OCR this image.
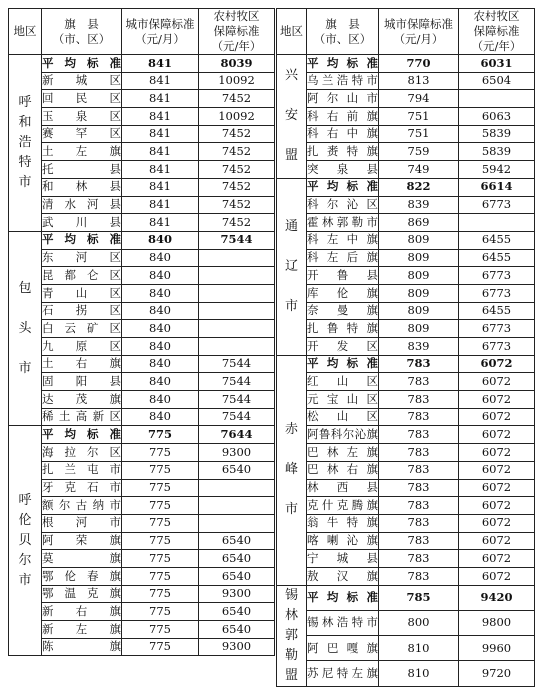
地区	旗　县
（市、区）	城市保障标准
（元/月）	农村牧区
保障标准
（元/年）
呼
和
浩
特
市	平均标准	841	8039
	新城区	841	10092
	回民区	841	7452
	玉泉区	841	10092
	赛罕区	841	7452
	土左旗	841	7452
	托县	841	7452
	和林县	841	7452
	清水河县	841	7452
	武川县	841	7452
包

头

市	平均标准	840	7544
	东河区	840	
	昆都仑区	840	
	青山区	840	
	石拐区	840	
	白云矿区	840	
	九原区	840	
	土右旗	840	7544
	固阳县	840	7544
	达茂旗	840	7544
	稀土高新区	840	7544
呼
伦
贝
尔
市	平均标准	775	7644
	海拉尔区	775	9300
	扎兰屯市	775	6540
	牙克石市	775	
	额尔古纳市	775	
	根河市	775	
	阿荣旗	775	6540
	莫旗	775	6540
	鄂伦春旗	775	6540
	鄂温克旗	775	9300
	新右旗	775	6540
	新左旗	775	6540
	陈旗	775	9300
地区	旗　县
（市、区）	城市保障标准
（元/月）	农村牧区
保障标准
（元/年）
兴

安

盟	平均标准	770	6031
	乌兰浩特市	813	6504
	阿尔山市	794	
	科右前旗	751	6063
	科右中旗	751	5839
	扎赉特旗	759	5839
	突泉县	749	5942
通

辽

市	平均标准	822	6614
	科尔沁区	839	6773
	霍林郭勒市	869	
	科左中旗	809	6455
	科左后旗	809	6455
	开鲁县	809	6773
	库伦旗	809	6773
	奈曼旗	809	6455
	扎鲁特旗	809	6773
	开发区	839	6773
赤

峰

市	平均标准	783	6072
	红山区	783	6072
	元宝山区	783	6072
	松山区	783	6072
	阿鲁科尔沁旗	783	6072
	巴林左旗	783	6072
	巴林右旗	783	6072
	林西县	783	6072
	克什克腾旗	783	6072
	翁牛特旗	783	6072
	喀喇沁旗	783	6072
	宁城县	783	6072
	敖汉旗	783	6072
锡
林
郭
勒
盟	平均标准	785	9420
	锡林浩特市	800	9800
	阿巴嘎旗	810	9960
	苏尼特左旗	810	9720
